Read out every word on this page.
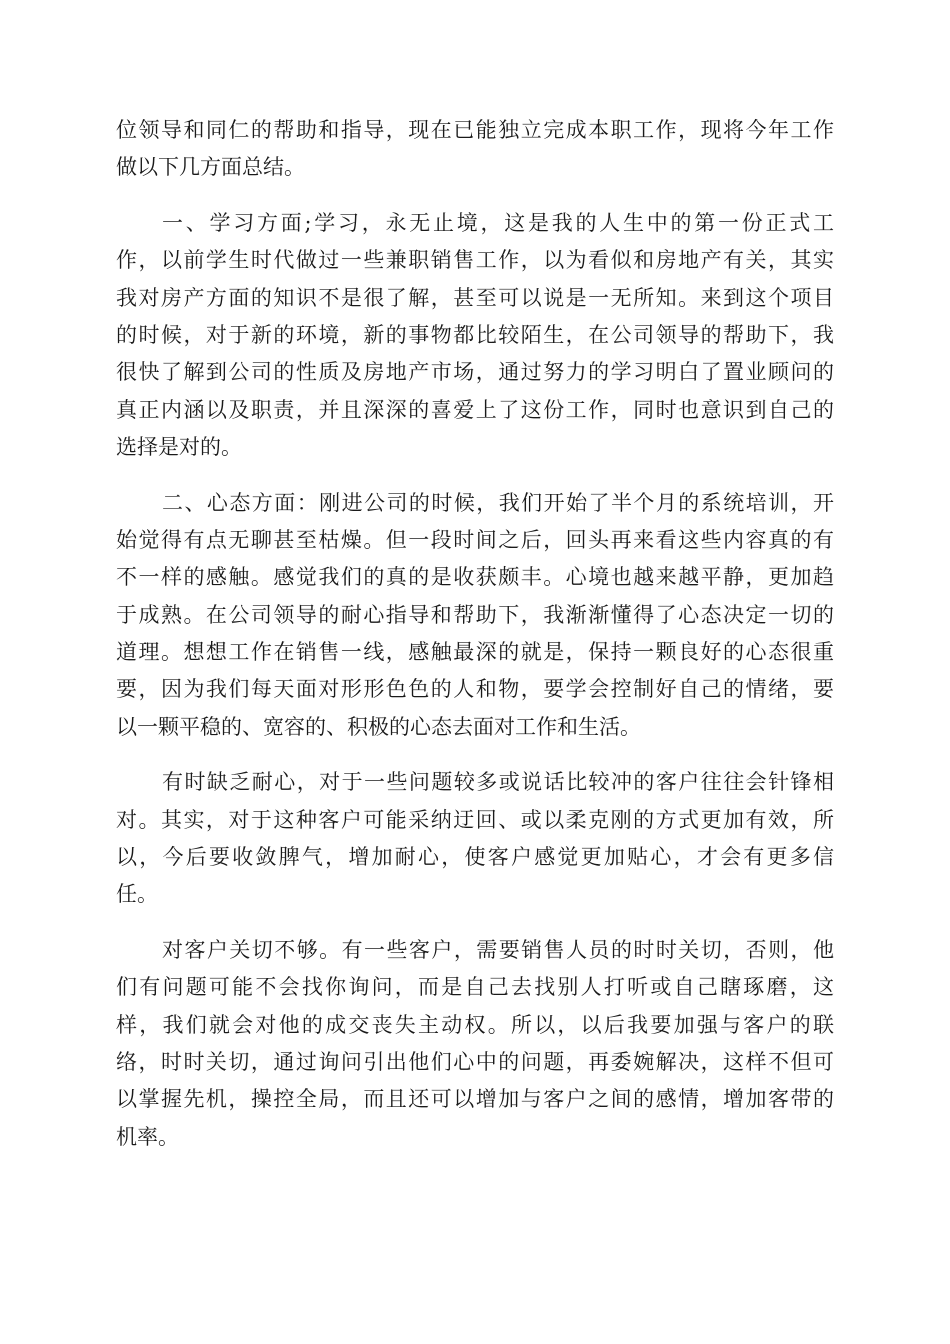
位领导和同仁的帮助和指导，现在已能独立完成本职工作，现将今年工作
做以下几方面总结。
一、学习方面;学习，永无止境，这是我的人生中的第一份正式工
作，以前学生时代做过一些兼职销售工作，以为看似和房地产有关，其实
我对房产方面的知识不是很了解，甚至可以说是一无所知。来到这个项目
的时候，对于新的环境，新的事物都比较陌生，在公司领导的帮助下，我
很快了解到公司的性质及房地产市场，通过努力的学习明白了置业顾问的
真正内涵以及职责，并且深深的喜爱上了这份工作，同时也意识到自己的
选择是对的。
二、心态方面：刚进公司的时候，我们开始了半个月的系统培训，开
始觉得有点无聊甚至枯燥。但一段时间之后，回头再来看这些内容真的有
不一样的感触。感觉我们的真的是收获颇丰。心境也越来越平静，更加趋
于成熟。在公司领导的耐心指导和帮助下，我渐渐懂得了心态决定一切的
道理。想想工作在销售一线，感触最深的就是，保持一颗良好的心态很重
要，因为我们每天面对形形色色的人和物，要学会控制好自己的情绪，要
以一颗平稳的、宽容的、积极的心态去面对工作和生活。
有时缺乏耐心，对于一些问题较多或说话比较冲的客户往往会针锋相
对。其实，对于这种客户可能采纳迂回、或以柔克刚的方式更加有效，所
以，今后要收敛脾气，增加耐心，使客户感觉更加贴心，才会有更多信
任。
对客户关切不够。有一些客户，需要销售人员的时时关切，否则，他
们有问题可能不会找你询问，而是自己去找别人打听或自己瞎琢磨，这
样，我们就会对他的成交丧失主动权。所以，以后我要加强与客户的联
络，时时关切，通过询问引出他们心中的问题，再委婉解决，这样不但可
以掌握先机，操控全局，而且还可以增加与客户之间的感情，增加客带的
机率。
